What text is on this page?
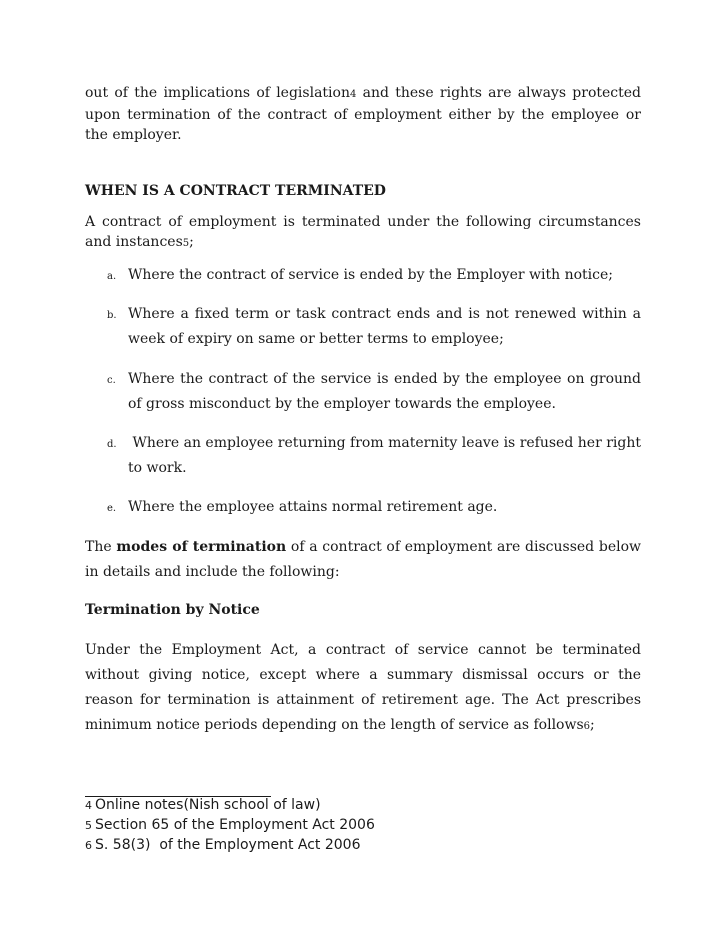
out of the implications of legislation4 and these rights are always protected upon termination of the contract of employment either by the employee or the employer.

WHEN IS A CONTRACT TERMINATED

A contract of employment is terminated under the following circumstances and instances5;

a. Where the contract of service is ended by the Employer with notice;
b. Where a fixed term or task contract ends and is not renewed within a week of expiry on same or better terms to employee;
c. Where the contract of the service is ended by the employee on ground of gross misconduct by the employer towards the employee.
d. Where an employee returning from maternity leave is refused her right to work.
e. Where the employee attains normal retirement age.

The modes of termination of a contract of employment are discussed below in details and include the following:

Termination by Notice

Under the Employment Act, a contract of service cannot be terminated without giving notice, except where a summary dismissal occurs or the reason for termination is attainment of retirement age. The Act prescribes minimum notice periods depending on the length of service as follows6;

4 Online notes(Nish school of law)
5 Section 65 of the Employment Act 2006
6 S. 58(3)  of the Employment Act 2006
